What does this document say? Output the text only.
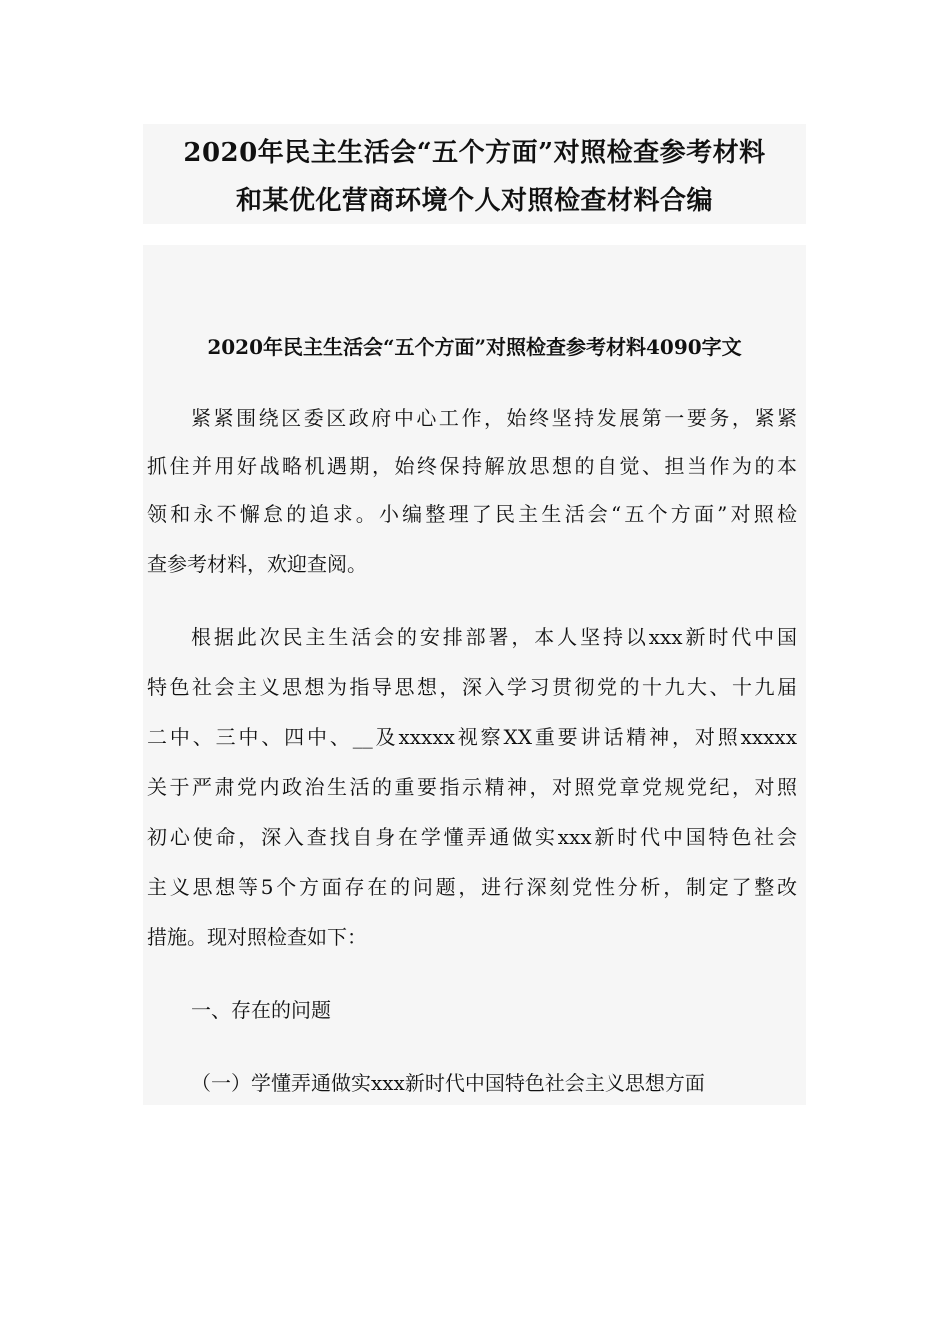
2020年民主生活会“五个方面”对照检查参考材料
和某优化营商环境个人对照检查材料合编
2020年民主生活会“五个方面”对照检查参考材料4090字文
紧紧围绕区委区政府中心工作，始终坚持发展第一要务，紧紧
抓住并用好战略机遇期，始终保持解放思想的自觉、担当作为的本
领和永不懈怠的追求。小编整理了民主生活会“五个方面”对照检
查参考材料，欢迎查阅。
根据此次民主生活会的安排部署，本人坚持以xxx新时代中国
特色社会主义思想为指导思想，深入学习贯彻党的十九大、十九届
二中、三中、四中、__及xxxxx视察XX重要讲话精神，对照xxxxx
关于严肃党内政治生活的重要指示精神，对照党章党规党纪，对照
初心使命，深入查找自身在学懂弄通做实xxx新时代中国特色社会
主义思想等5个方面存在的问题，进行深刻党性分析，制定了整改
措施。现对照检查如下：
一、存在的问题
（一）学懂弄通做实xxx新时代中国特色社会主义思想方面
